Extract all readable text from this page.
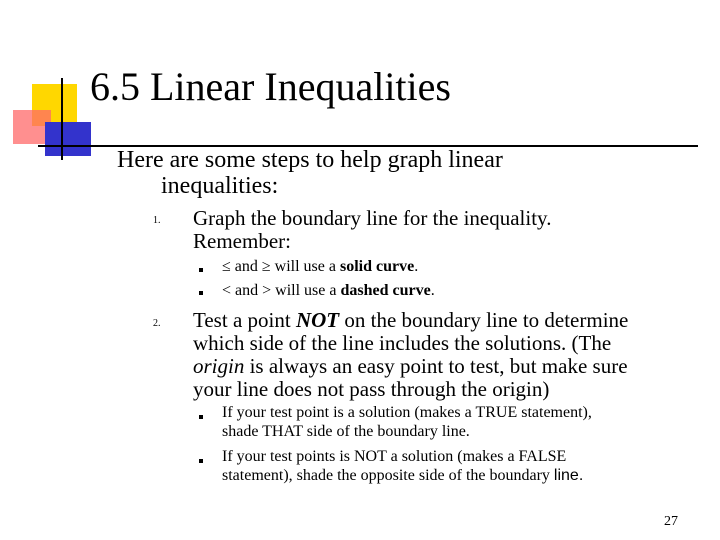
6.5 Linear Inequalities
Here are some steps to help graph linear
inequalities:
1. Graph the boundary line for the inequality.
Remember:
≤ and ≥ will use a solid curve.
< and > will use a dashed curve.
2. Test a point NOT on the boundary line to determine
which side of the line includes the solutions. (The
origin is always an easy point to test, but make sure
your line does not pass through the origin)
If your test point is a solution (makes a TRUE statement),
shade THAT side of the boundary line.
If your test points is NOT a solution (makes a FALSE
statement), shade the opposite side of the boundary line.
27
